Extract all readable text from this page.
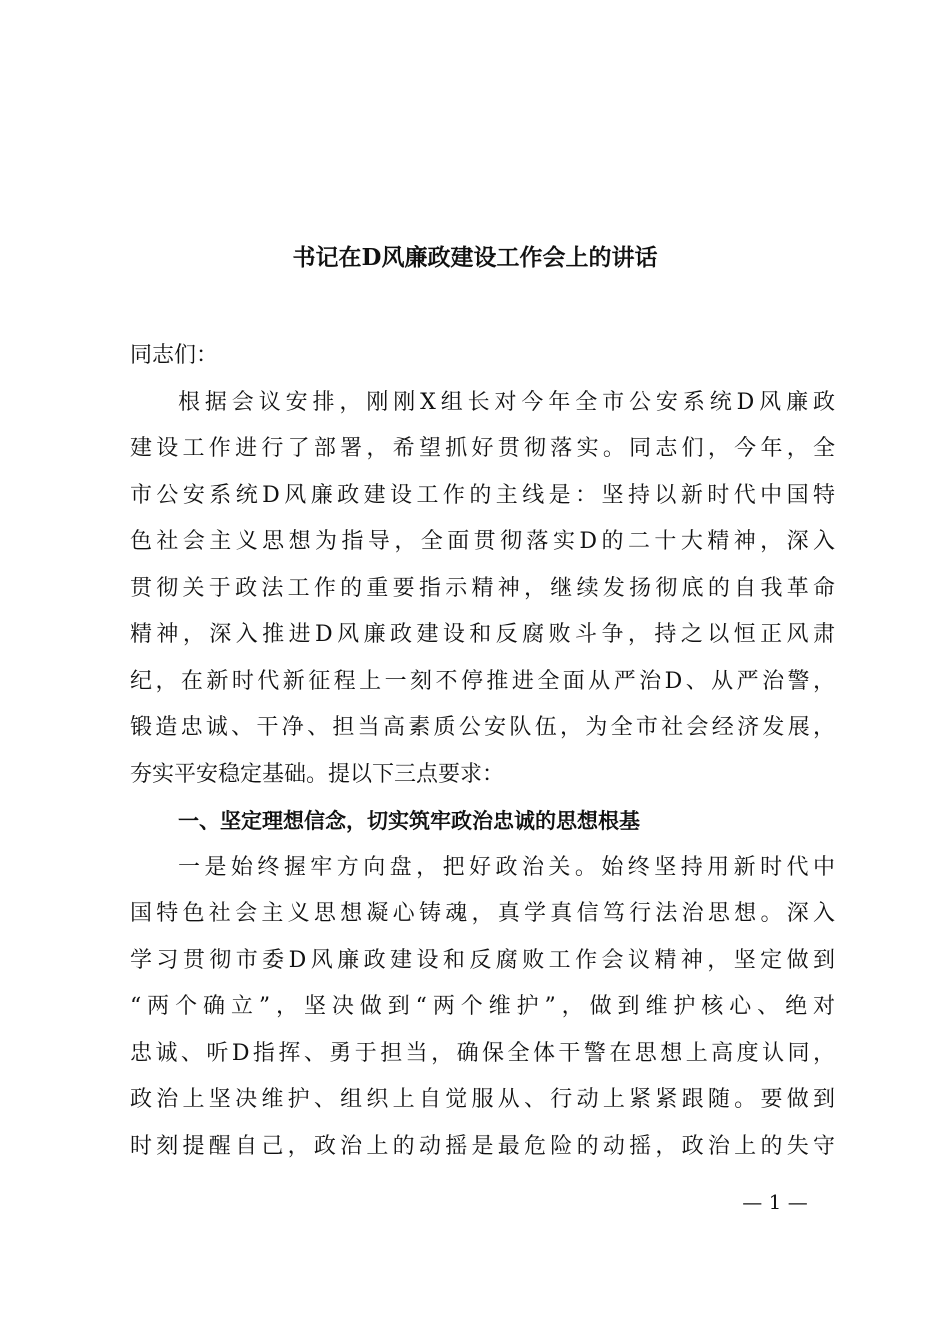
书记在D风廉政建设工作会上的讲话
同志们：
根据会议安排，刚刚X组长对今年全市公安系统D风廉政
建设工作进行了部署，希望抓好贯彻落实。同志们，今年，全
市公安系统D风廉政建设工作的主线是：坚持以新时代中国特
色社会主义思想为指导，全面贯彻落实D的二十大精神，深入
贯彻关于政法工作的重要指示精神，继续发扬彻底的自我革命
精神，深入推进D风廉政建设和反腐败斗争，持之以恒正风肃
纪，在新时代新征程上一刻不停推进全面从严治D、从严治警，
锻造忠诚、干净、担当高素质公安队伍，为全市社会经济发展，
夯实平安稳定基础。提以下三点要求：
一、坚定理想信念，切实筑牢政治忠诚的思想根基
一是始终握牢方向盘，把好政治关。始终坚持用新时代中
国特色社会主义思想凝心铸魂，真学真信笃行法治思想。深入
学习贯彻市委D风廉政建设和反腐败工作会议精神，坚定做到
“两个确立”，坚决做到“两个维护”，做到维护核心、绝对
忠诚、听D指挥、勇于担当，确保全体干警在思想上高度认同，
政治上坚决维护、组织上自觉服从、行动上紧紧跟随。要做到
时刻提醒自己，政治上的动摇是最危险的动摇，政治上的失守
— 1 —
